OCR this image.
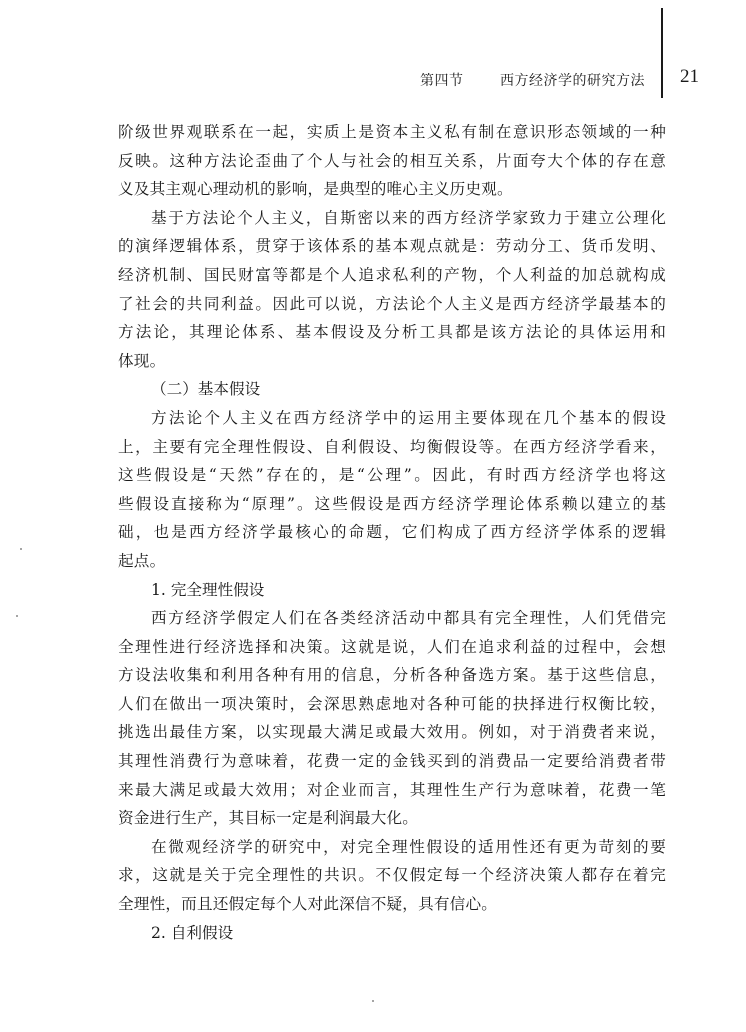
第四节	西方经济学的研究方法 21
阶级世界观联系在一起，实质上是资本主义私有制在意识形态领域的一种
反映。这种方法论歪曲了个人与社会的相互关系，片面夸大个体的存在意
义及其主观心理动机的影响，是典型的唯心主义历史观。
基于方法论个人主义，自斯密以来的西方经济学家致力于建立公理化
的演绎逻辑体系，贯穿于该体系的基本观点就是：劳动分工、货币发明、
经济机制、国民财富等都是个人追求私利的产物，个人利益的加总就构成
了社会的共同利益。因此可以说，方法论个人主义是西方经济学最基本的
方法论，其理论体系、基本假设及分析工具都是该方法论的具体运用和
体现。
（二）基本假设
方法论个人主义在西方经济学中的运用主要体现在几个基本的假设
上，主要有完全理性假设、自利假设、均衡假设等。在西方经济学看来，
这些假设是“天然”存在的，是“公理”。因此，有时西方经济学也将这
些假设直接称为“原理”。这些假设是西方经济学理论体系赖以建立的基
础，也是西方经济学最核心的命题，它们构成了西方经济学体系的逻辑
起点。
1. 完全理性假设
西方经济学假定人们在各类经济活动中都具有完全理性，人们凭借完
全理性进行经济选择和决策。这就是说，人们在追求利益的过程中，会想
方设法收集和利用各种有用的信息，分析各种备选方案。基于这些信息，
人们在做出一项决策时，会深思熟虑地对各种可能的抉择进行权衡比较，
挑选出最佳方案，以实现最大满足或最大效用。例如，对于消费者来说，
其理性消费行为意味着，花费一定的金钱买到的消费品一定要给消费者带
来最大满足或最大效用；对企业而言，其理性生产行为意味着，花费一笔
资金进行生产，其目标一定是利润最大化。
在微观经济学的研究中，对完全理性假设的适用性还有更为苛刻的要
求，这就是关于完全理性的共识。不仅假定每一个经济决策人都存在着完
全理性，而且还假定每个人对此深信不疑，具有信心。
2. 自利假设
